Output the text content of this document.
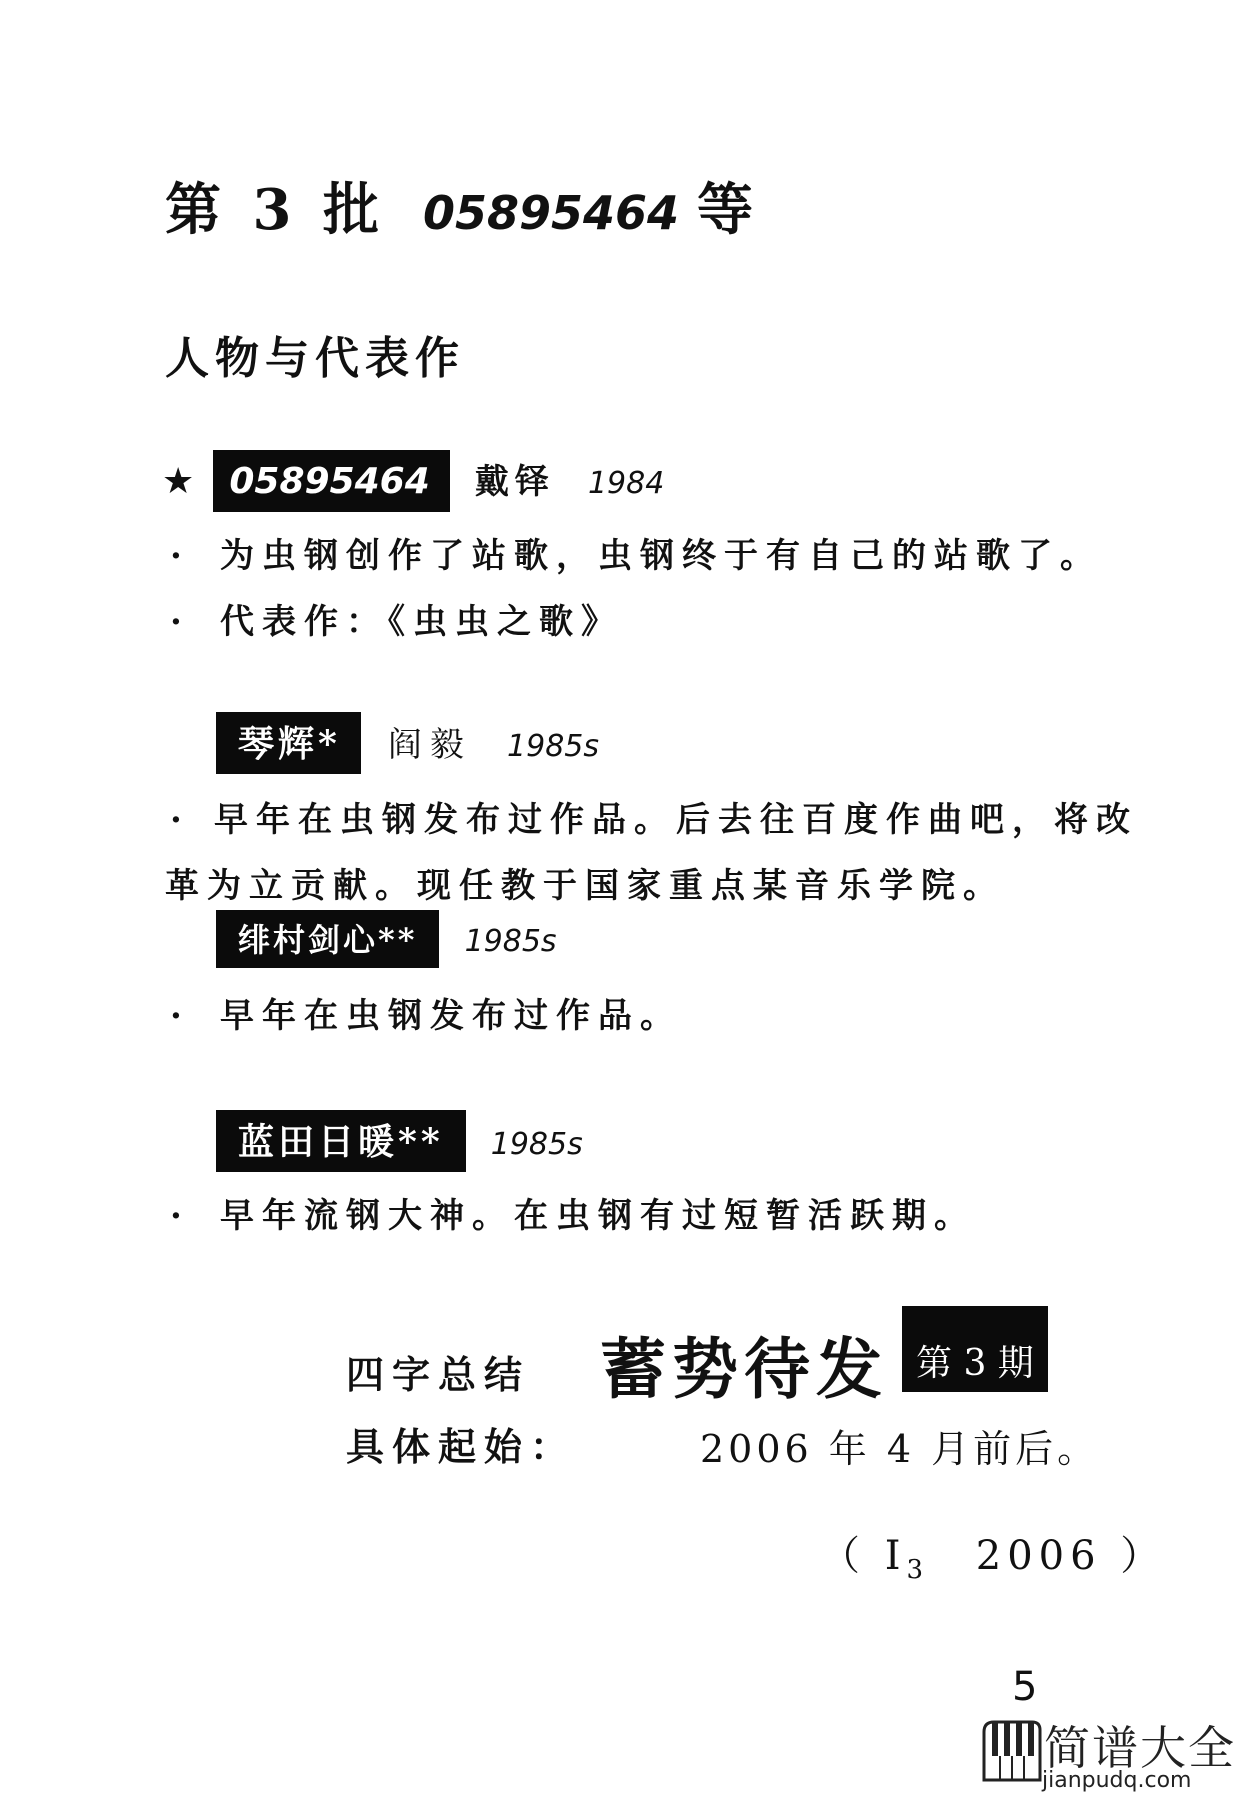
第 3 批 05895464 等
人物与代表作
★ 05895464 戴铎 1984
· 为虫钢创作了站歌，虫钢终于有自己的站歌了。
· 代表作：《虫虫之歌》
琴辉* 阎毅 1985s
· 早年在虫钢发布过作品。后去往百度作曲吧，将改
革为立贡献。现任教于国家重点某音乐学院。
绯村剑心** 1985s
· 早年在虫钢发布过作品。
蓝田日暖** 1985s
· 早年流钢大神。在虫钢有过短暂活跃期。
四字总结 蓄势待发 第 3 期
具体起始：	2006 年 4 月前后。
（ $I_3$ 2006 ）
5
简谱大全
jianpudq.com
